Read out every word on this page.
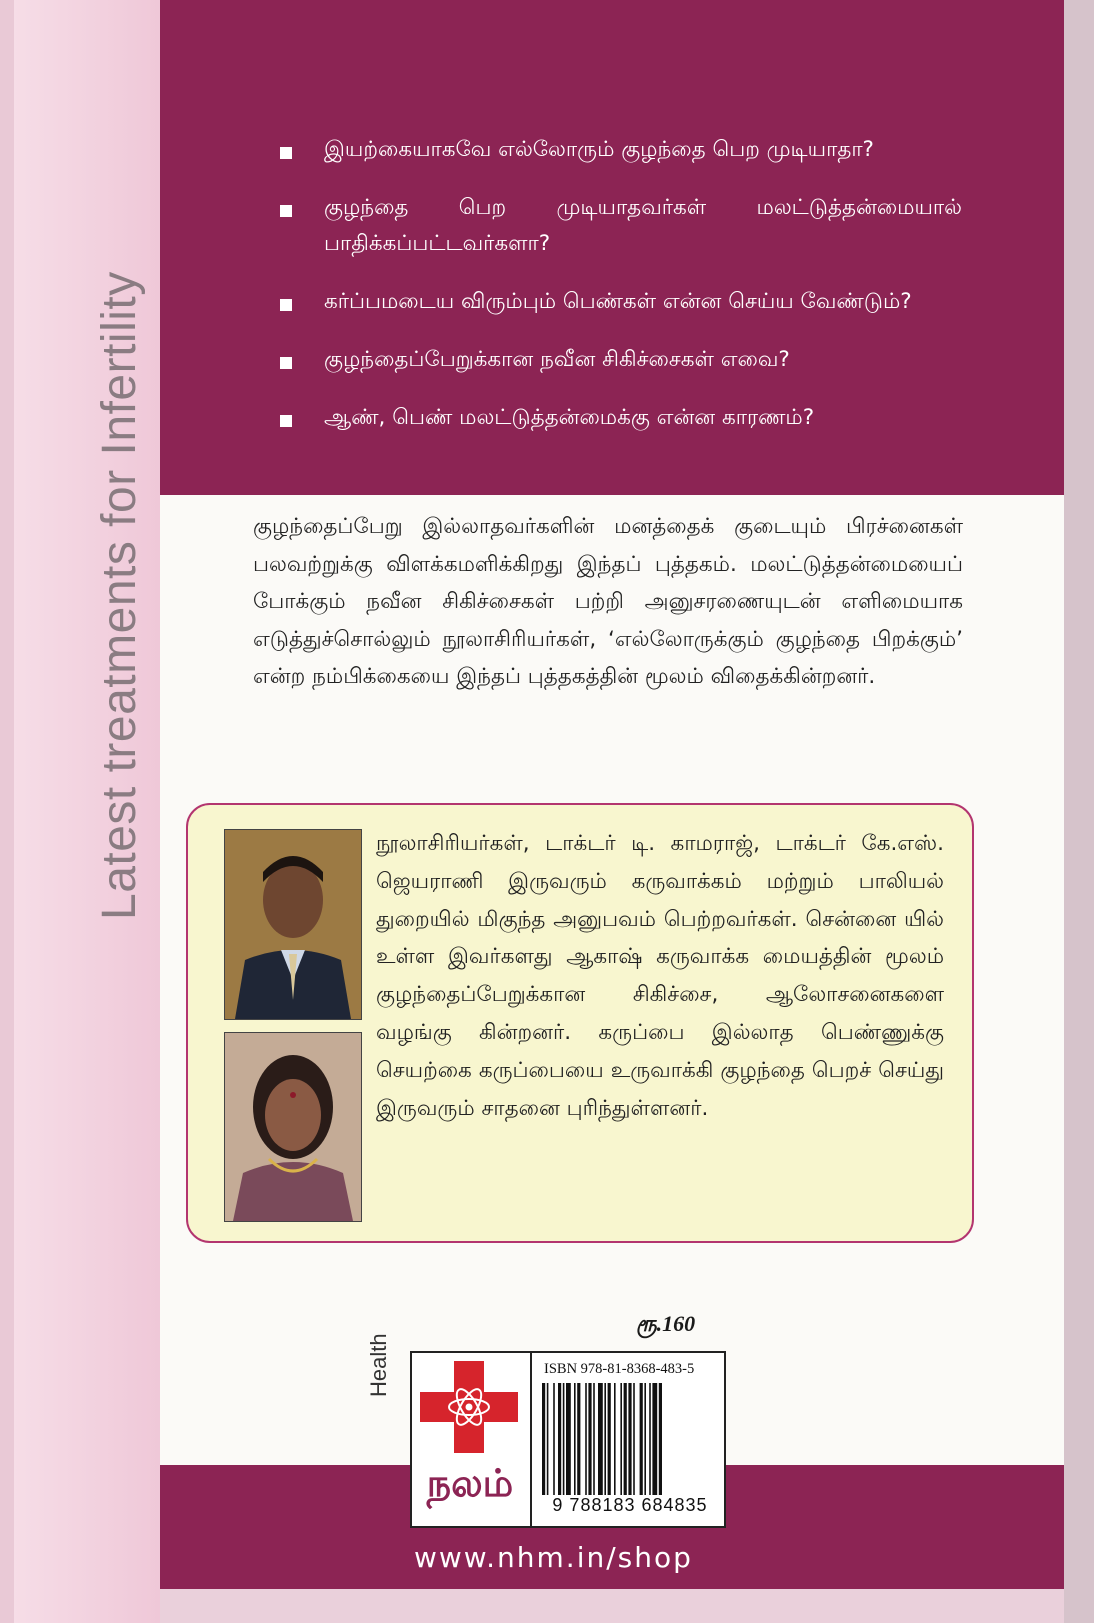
Latest treatments for Infertility
இயற்கையாகவே எல்லோரும் குழந்தை பெற முடியாதா?
குழந்தை பெற முடியாதவர்கள் மலட்டுத்தன்மையால் பாதிக்கப்பட்டவர்களா?
கர்ப்பமடைய விரும்பும் பெண்கள் என்ன செய்ய வேண்டும்?
குழந்தைப்பேறுக்கான நவீன சிகிச்சைகள் எவை?
ஆண், பெண் மலட்டுத்தன்மைக்கு என்ன காரணம்?
குழந்தைப்பேறு இல்லாதவர்களின் மனத்தைக் குடையும் பிரச்னைகள் பலவற்றுக்கு விளக்கமளிக்கிறது இந்தப் புத்தகம். மலட்டுத்தன்மையைப் போக்கும் நவீன சிகிச்சைகள் பற்றி அனுசரணையுடன் எளிமையாக எடுத்துச்சொல்லும் நூலாசிரியர்கள், ‘எல்லோருக்கும் குழந்தை பிறக்கும்’ என்ற நம்பிக்கையை இந்தப் புத்தகத்தின் மூலம் விதைக்கின்றனர்.
நூலாசிரியர்கள், டாக்டர் டி. காமராஜ், டாக்டர் கே.எஸ். ஜெயராணி இருவரும் கருவாக்கம் மற்றும் பாலியல் துறையில் மிகுந்த அனுபவம் பெற்றவர்கள். சென்னை யில் உள்ள இவர்களது ஆகாஷ் கருவாக்க மையத்தின் மூலம் குழந்தைப்பேறுக்கான சிகிச்சை, ஆலோசனைகளை வழங்கு கின்றனர். கருப்பை இல்லாத பெண்ணுக்கு செயற்கை கருப்பையை உருவாக்கி குழந்தை பெறச் செய்து இருவரும் சாதனை புரிந்துள்ளனர்.
ரூ.160
Health
நலம்
ISBN 978-81-8368-483-5
9 788183 684835
www.nhm.in/shop
